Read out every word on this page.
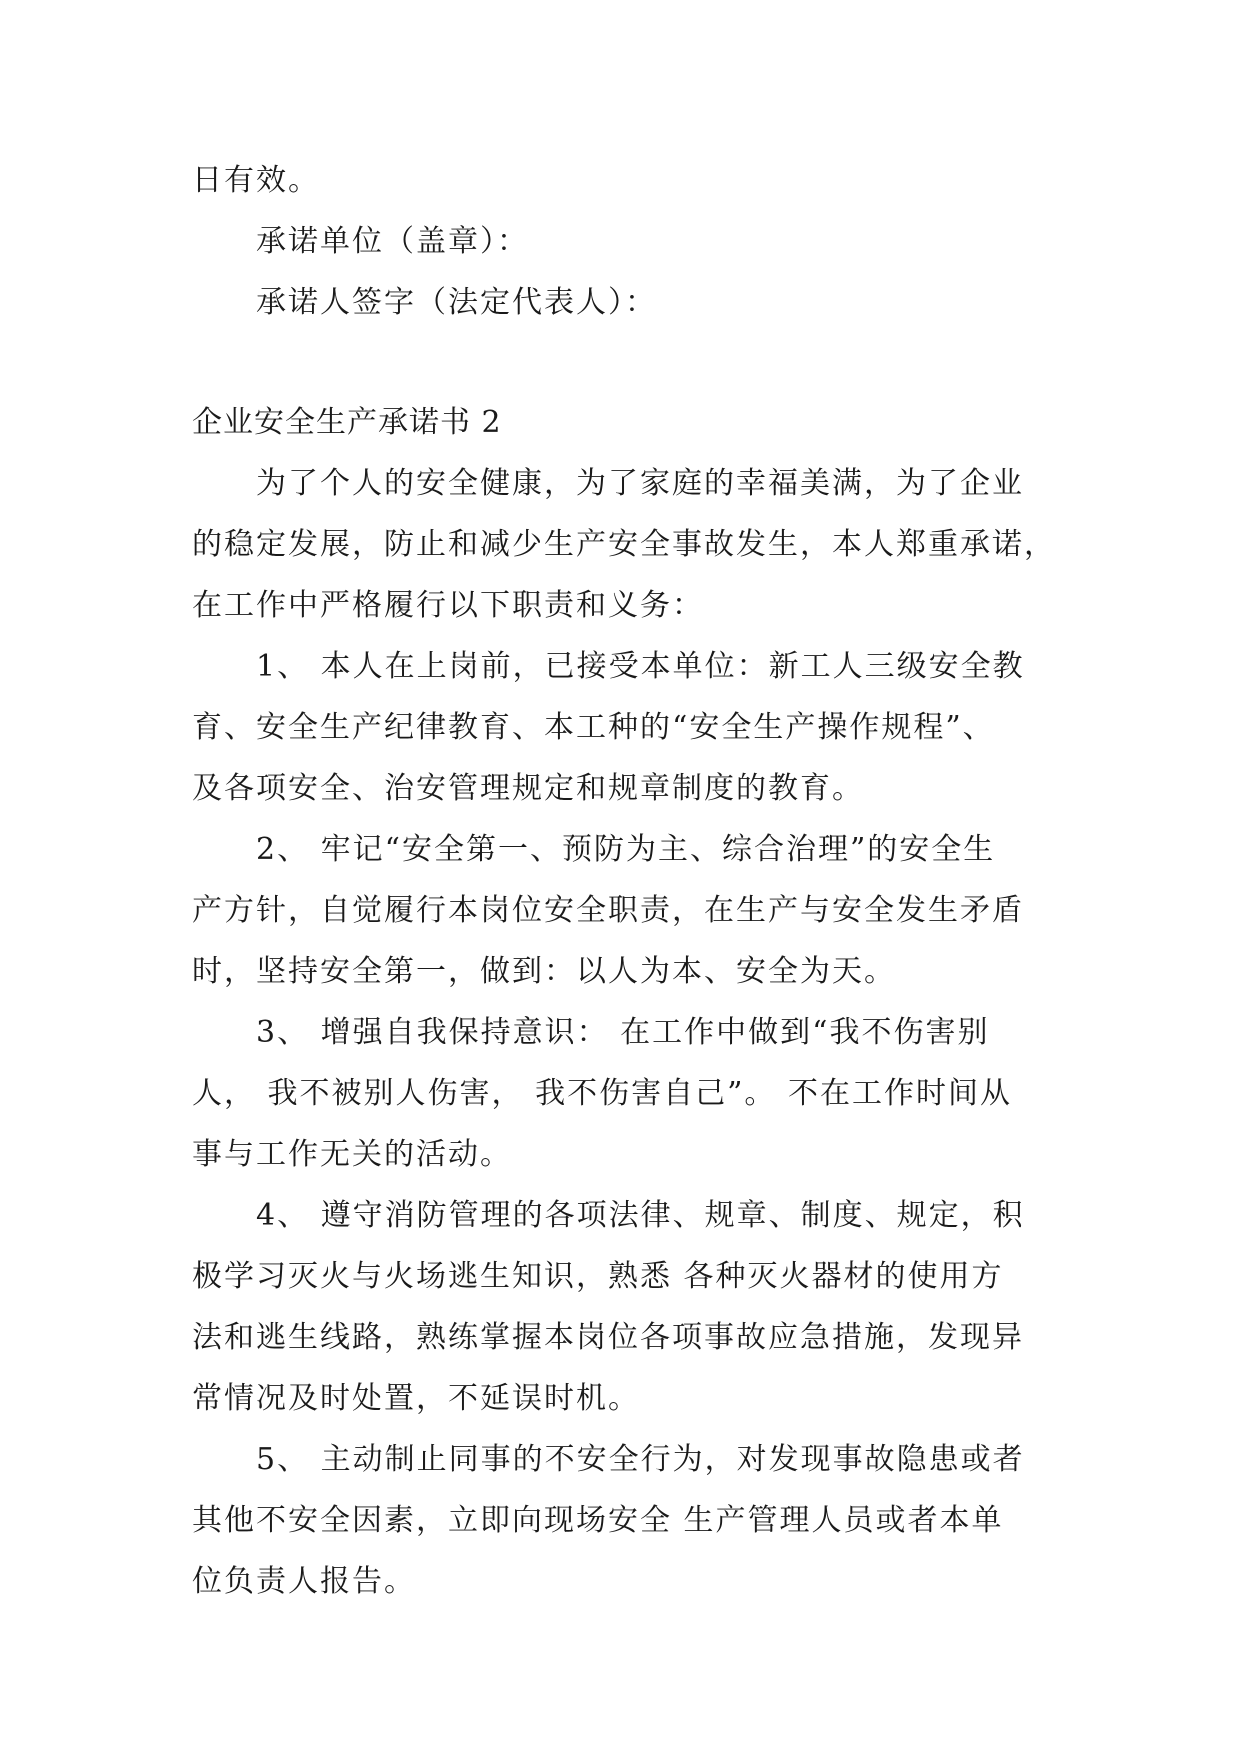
日有效。
承诺单位（盖章）：
承诺人签字（法定代表人）：
企业安全生产承诺书 2
为了个人的安全健康，为了家庭的幸福美满，为了企业
的稳定发展，防止和减少生产安全事故发生，本人郑重承诺，
在工作中严格履行以下职责和义务：
1、 本人在上岗前，已接受本单位：新工人三级安全教
育、安全生产纪律教育、本工种的“安全生产操作规程”、
及各项安全、治安管理规定和规章制度的教育。
2、 牢记“安全第一、预防为主、综合治理”的安全生
产方针，自觉履行本岗位安全职责，在生产与安全发生矛盾
时，坚持安全第一，做到：以人为本、安全为天。
3、 增强自我保持意识： 在工作中做到“我不伤害别
人， 我不被别人伤害， 我不伤害自己”。 不在工作时间从
事与工作无关的活动。
4、 遵守消防管理的各项法律、规章、制度、规定，积
极学习灭火与火场逃生知识，熟悉 各种灭火器材的使用方
法和逃生线路，熟练掌握本岗位各项事故应急措施，发现异
常情况及时处置，不延误时机。
5、 主动制止同事的不安全行为，对发现事故隐患或者
其他不安全因素，立即向现场安全 生产管理人员或者本单
位负责人报告。
